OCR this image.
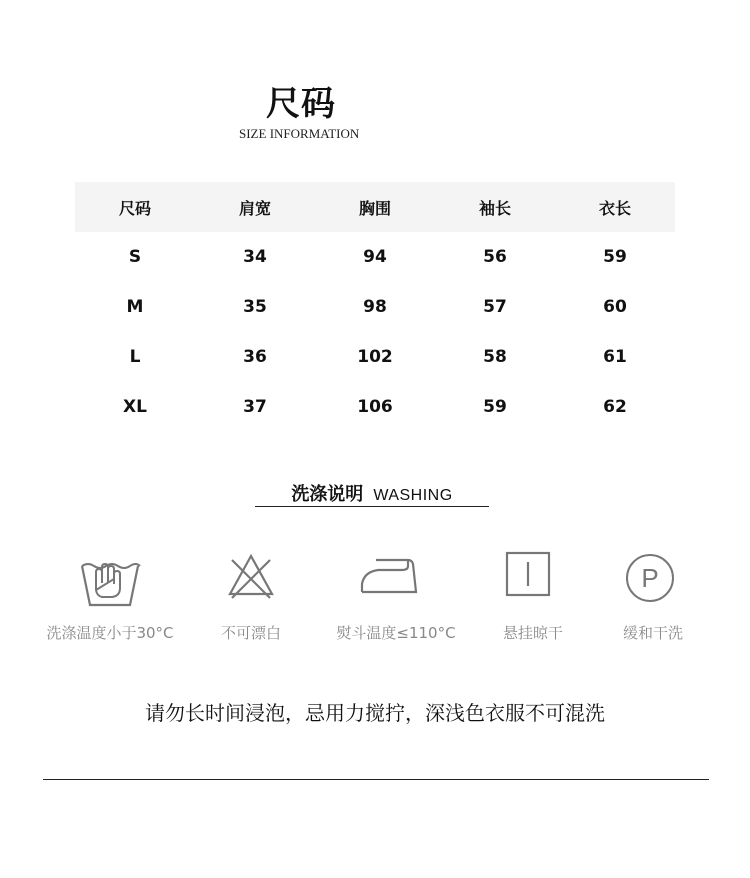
尺码
SIZE INFORMATION
尺码	肩宽	胸围	袖长	衣长
S	34	94	56	59
M	35	98	57	60
L	36	102	58	61
XL	37	106	59	62
洗涤说明 WASHING
P
洗涤温度小于30°C	不可漂白	熨斗温度≤110°C	悬挂晾干	缓和干洗
请勿长时间浸泡，忌用力搅拧，深浅色衣服不可混洗
